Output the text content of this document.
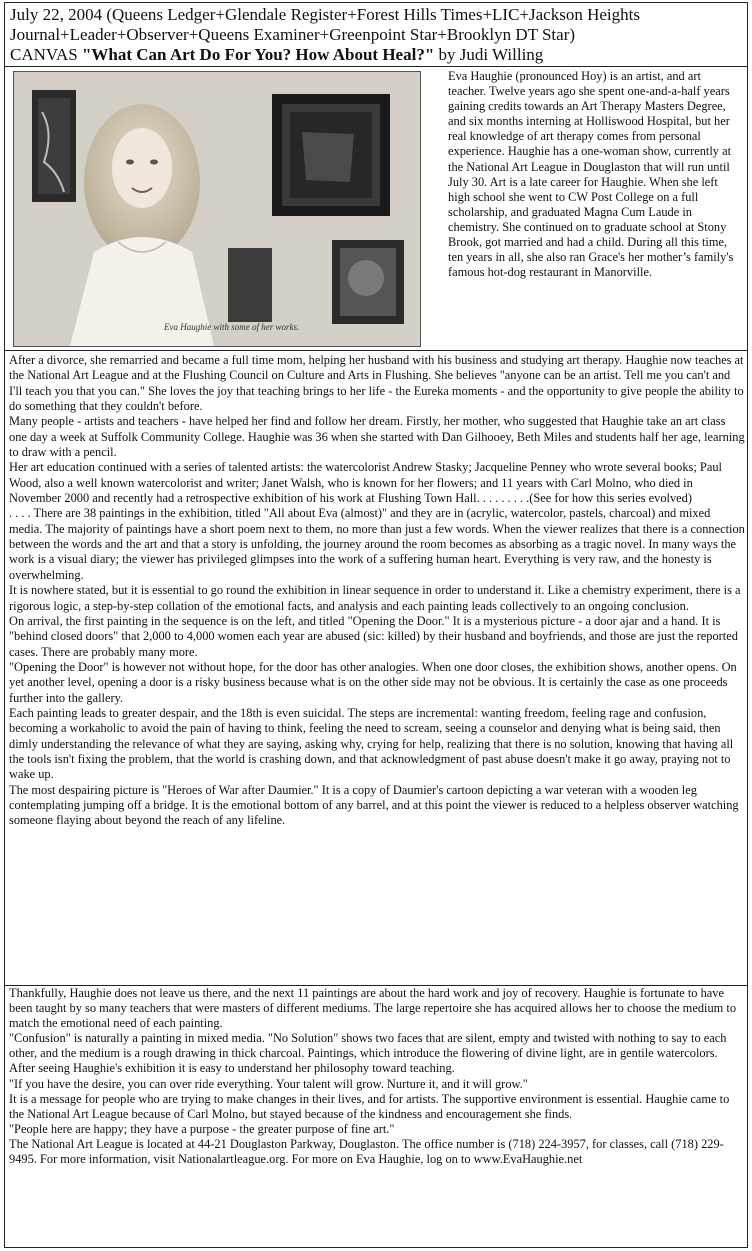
July 22, 2004 (Queens Ledger+Glendale Register+Forest Hills Times+LIC+Jackson Heights

Journal+Leader+Observer+Queens Examiner+Greenpoint Star+Brooklyn DT Star)

CANVAS "What Can Art Do For You? How About Heal?" by Judi Willing

Eva Haughie with some of her works.
Eva Haughie (pronounced Hoy) is an artist, and art teacher. Twelve years ago she spent one-and-a-half years gaining credits towards an Art Therapy Masters Degree, and six months interning at Holliswood Hospital, but her real knowledge of art therapy comes from personal experience. Haughie has a one-woman show, currently at the National Art League in Douglaston that will run until July 30. Art is a late career for Haughie. When she left high school she went to CW Post College on a full scholarship, and graduated Magna Cum Laude in chemistry. She continued on to graduate school at Stony Brook, got married and had a child. During all this time, ten years in all, she also ran Grace's her mother’s family's famous hot-dog restaurant in Manorville.

After a divorce, she remarried and became a full time mom, helping her husband with his business and studying art therapy. Haughie now teaches at the National Art League and at the Flushing Council on Culture and Arts in Flushing. She believes "anyone can be an artist. Tell me you can't and I'll teach you that you can." She loves the joy that teaching brings to her life - the Eureka moments - and the opportunity to give people the ability to do something that they couldn't before.

Many people - artists and teachers - have helped her find and follow her dream. Firstly, her mother, who suggested that Haughie take an art class one day a week at Suffolk Community College. Haughie was 36 when she started with Dan Gilhooey, Beth Miles and students half her age, learning to draw with a pencil.

Her art education continued with a series of talented artists: the watercolorist Andrew Stasky; Jacqueline Penney who wrote several books; Paul Wood, also a well known watercolorist and writer; Janet Walsh, who is known for her flowers; and 11 years with Carl Molno, who died in November 2000 and recently had a retrospective exhibition of his work at Flushing Town Hall. . . . . . . . .(See for how this series evolved)

. . . . There are 38 paintings in the exhibition, titled "All about Eva (almost)" and they are in (acrylic, watercolor, pastels, charcoal) and mixed media. The majority of paintings have a short poem next to them, no more than just a few words. When the viewer realizes that there is a connection between the words and the art and that a story is unfolding, the journey around the room becomes as absorbing as a tragic novel. In many ways the work is a visual diary; the viewer has privileged glimpses into the work of a suffering human heart. Everything is very raw, and the honesty is overwhelming.

It is nowhere stated, but it is essential to go round the exhibition in linear sequence in order to understand it. Like a chemistry experiment, there is a rigorous logic, a step-by-step collation of the emotional facts, and analysis and each painting leads collectively to an ongoing conclusion.

On arrival, the first painting in the sequence is on the left, and titled "Opening the Door." It is a mysterious picture - a door ajar and a hand. It is "behind closed doors" that 2,000 to 4,000 women each year are abused (sic: killed) by their husband and boyfriends, and those are just the reported cases. There are probably many more.

"Opening the Door" is however not without hope, for the door has other analogies. When one door closes, the exhibition shows, another opens. On yet another level, opening a door is a risky business because what is on the other side may not be obvious. It is certainly the case as one proceeds further into the gallery.

Each painting leads to greater despair, and the 18th is even suicidal. The steps are incremental: wanting freedom, feeling rage and confusion, becoming a workaholic to avoid the pain of having to think, feeling the need to scream, seeing a counselor and denying what is being said, then dimly understanding the relevance of what they are saying, asking why, crying for help, realizing that there is no solution, knowing that having all the tools isn't fixing the problem, that the world is crashing down, and that acknowledgment of past abuse doesn't make it go away, praying not to wake up.

The most despairing picture is "Heroes of War after Daumier." It is a copy of Daumier's cartoon depicting a war veteran with a wooden leg contemplating jumping off a bridge. It is the emotional bottom of any barrel, and at this point the viewer is reduced to a helpless observer watching someone flaying about beyond the reach of any lifeline.

Thankfully, Haughie does not leave us there, and the next 11 paintings are about the hard work and joy of recovery. Haughie is fortunate to have been taught by so many teachers that were masters of different mediums. The large repertoire she has acquired allows her to choose the medium to match the emotional need of each painting.

"Confusion" is naturally a painting in mixed media. "No Solution" shows two faces that are silent, empty and twisted with nothing to say to each other, and the medium is a rough drawing in thick charcoal. Paintings, which introduce the flowering of divine light, are in gentile watercolors.

After seeing Haughie's exhibition it is easy to understand her philosophy toward teaching.

"If you have the desire, you can over ride everything. Your talent will grow. Nurture it, and it will grow."

It is a message for people who are trying to make changes in their lives, and for artists. The supportive environment is essential. Haughie came to the National Art League because of Carl Molno, but stayed because of the kindness and encouragement she finds.

"People here are happy; they have a purpose - the greater purpose of fine art."

The National Art League is located at 44-21 Douglaston Parkway, Douglaston. The office number is (718) 224-3957, for classes, call (718) 229-9495. For more information, visit Nationalartleague.org. For more on Eva Haughie, log on to www.EvaHaughie.net
